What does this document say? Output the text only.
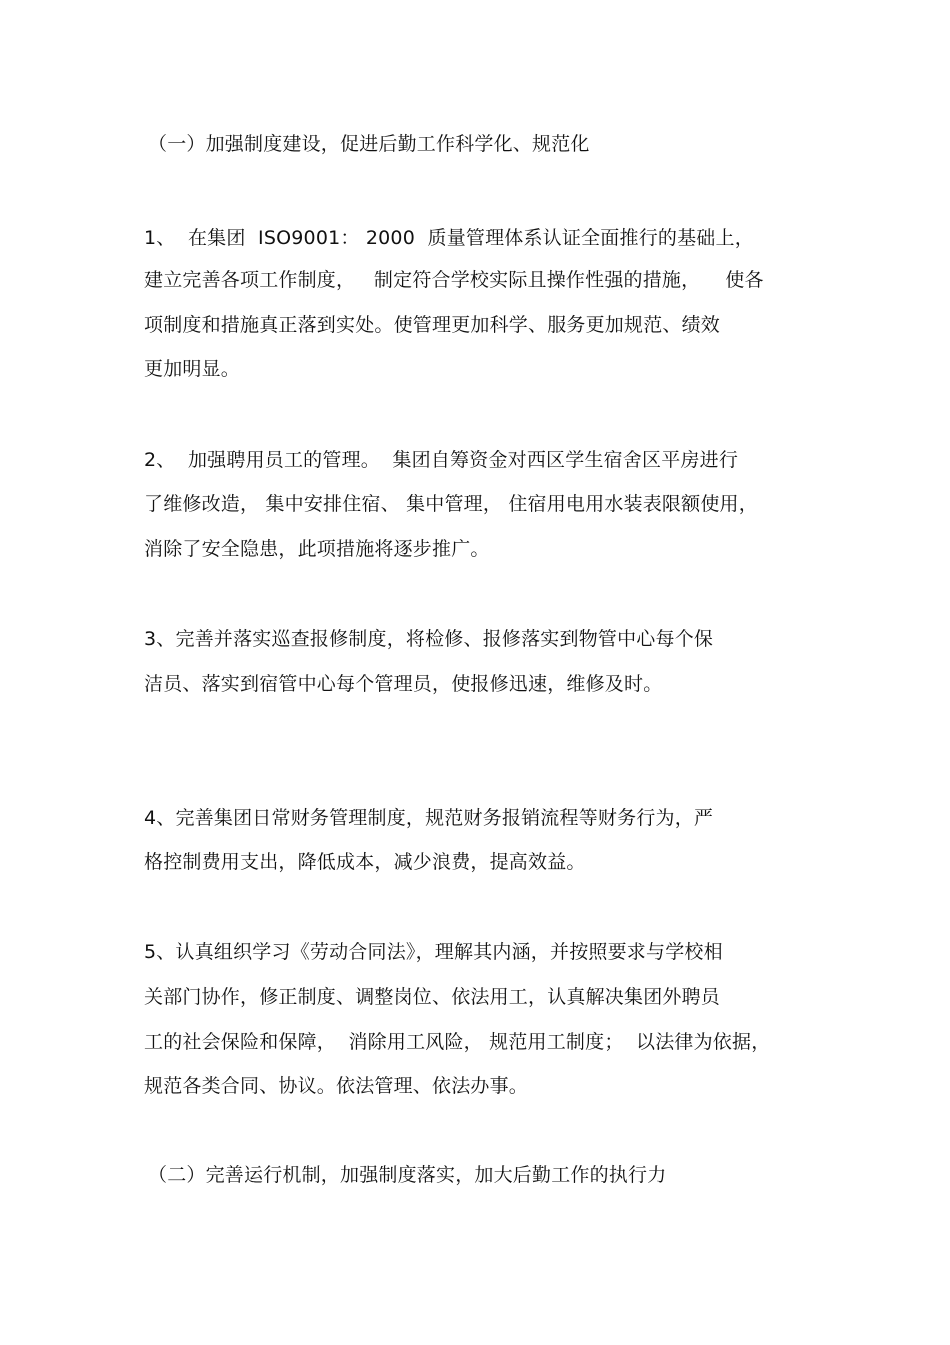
（一）加强制度建设，促进后勤工作科学化、规范化
1、  在集团  ISO9001： 2000  质量管理体系认证全面推行的基础上，
建立完善各项工作制度，   制定符合学校实际且操作性强的措施，    使各
项制度和措施真正落到实处。使管理更加科学、服务更加规范、绩效
更加明显。
2、  加强聘用员工的管理。  集团自筹资金对西区学生宿舍区平房进行
了维修改造， 集中安排住宿、 集中管理， 住宿用电用水装表限额使用，
消除了安全隐患，此项措施将逐步推广。
3、完善并落实巡查报修制度，将检修、报修落实到物管中心每个保
洁员、落实到宿管中心每个管理员，使报修迅速，维修及时。
4、完善集团日常财务管理制度，规范财务报销流程等财务行为，严
格控制费用支出，降低成本，减少浪费，提高效益。
5、认真组织学习《劳动合同法》，理解其内涵，并按照要求与学校相
关部门协作，修正制度、调整岗位、依法用工，认真解决集团外聘员
工的社会保险和保障，  消除用工风险， 规范用工制度；  以法律为依据，
规范各类合同、协议。依法管理、依法办事。
（二）完善运行机制，加强制度落实，加大后勤工作的执行力
